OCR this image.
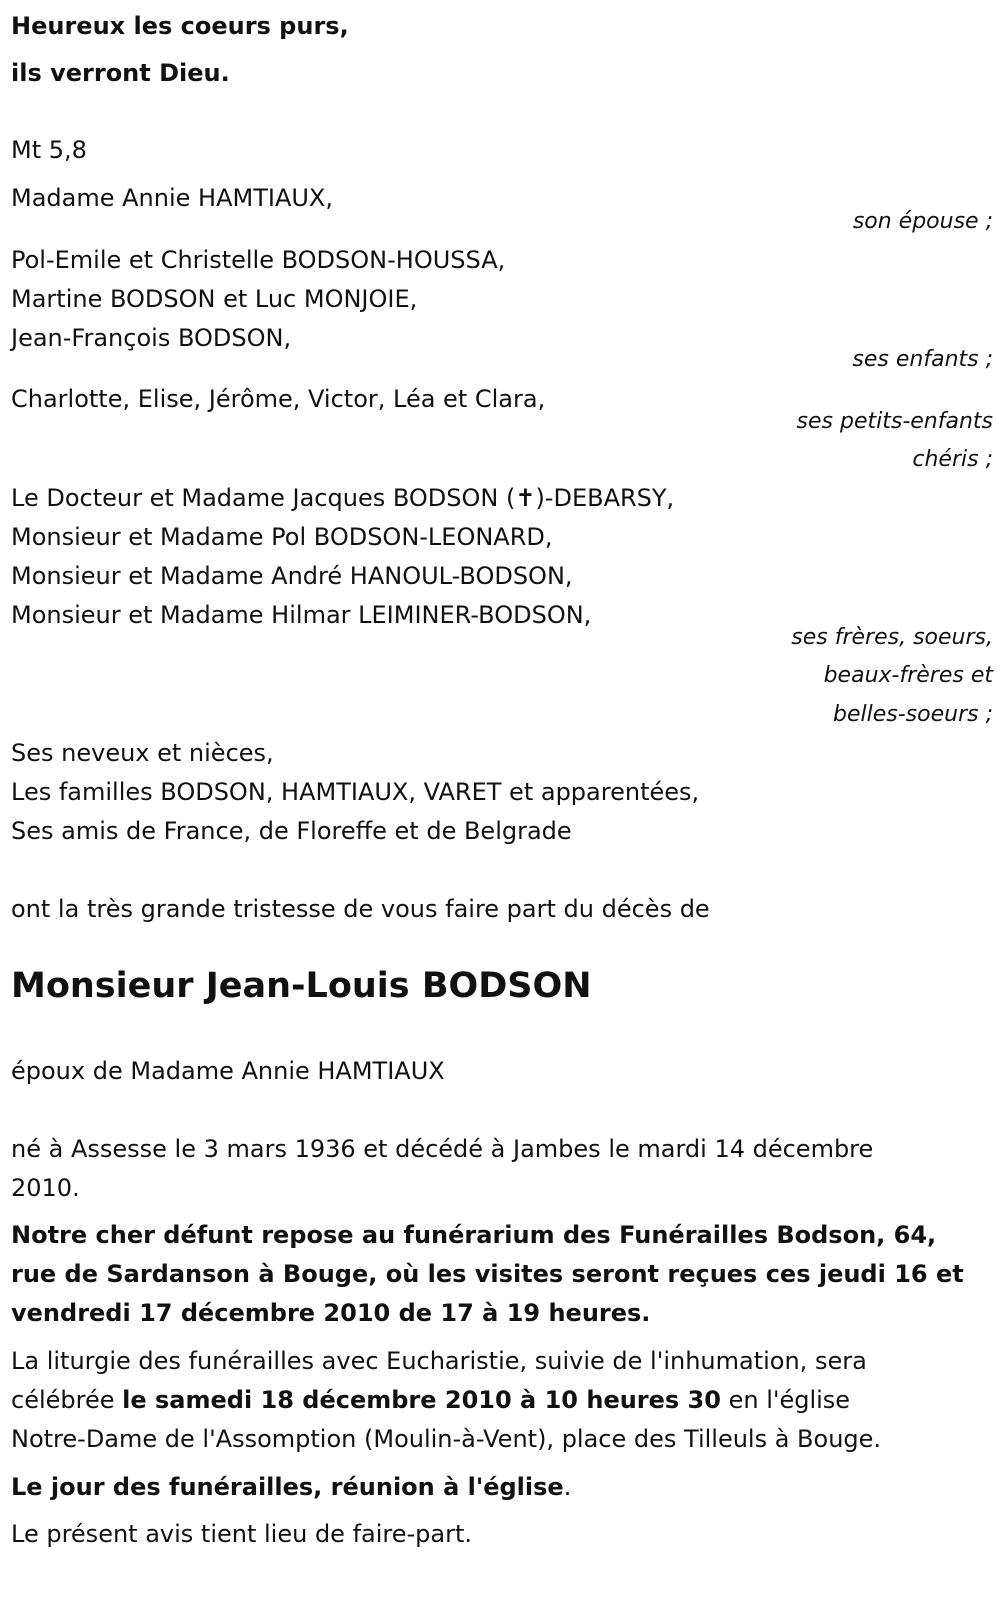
Heureux les coeurs purs,
ils verront Dieu.
Mt 5,8
Madame Annie HAMTIAUX,
son épouse ;
Pol-Emile et Christelle BODSON-HOUSSA,
Martine BODSON et Luc MONJOIE,
Jean-François BODSON,
ses enfants ;
Charlotte, Elise, Jérôme, Victor, Léa et Clara,
ses petits-enfants
chéris ;
Le Docteur et Madame Jacques BODSON (✝)-DEBARSY,
Monsieur et Madame Pol BODSON-LEONARD,
Monsieur et Madame André HANOUL-BODSON,
Monsieur et Madame Hilmar LEIMINER-BODSON,
ses frères, soeurs,
beaux-frères et
belles-soeurs ;
Ses neveux et nièces,
Les familles BODSON, HAMTIAUX, VARET et apparentées,
Ses amis de France, de Floreffe et de Belgrade
ont la très grande tristesse de vous faire part du décès de
Monsieur Jean-Louis BODSON
époux de Madame Annie HAMTIAUX
né à Assesse le 3 mars 1936 et décédé à Jambes le mardi 14 décembre
2010.
Notre cher défunt repose au funérarium des Funérailles Bodson, 64,
rue de Sardanson à Bouge, où les visites seront reçues ces jeudi 16 et
vendredi 17 décembre 2010 de 17 à 19 heures.
La liturgie des funérailles avec Eucharistie, suivie de l'inhumation, sera
célébrée le samedi 18 décembre 2010 à 10 heures 30 en l'église
Notre-Dame de l'Assomption (Moulin-à-Vent), place des Tilleuls à Bouge.
Le jour des funérailles, réunion à l'église.
Le présent avis tient lieu de faire-part.
